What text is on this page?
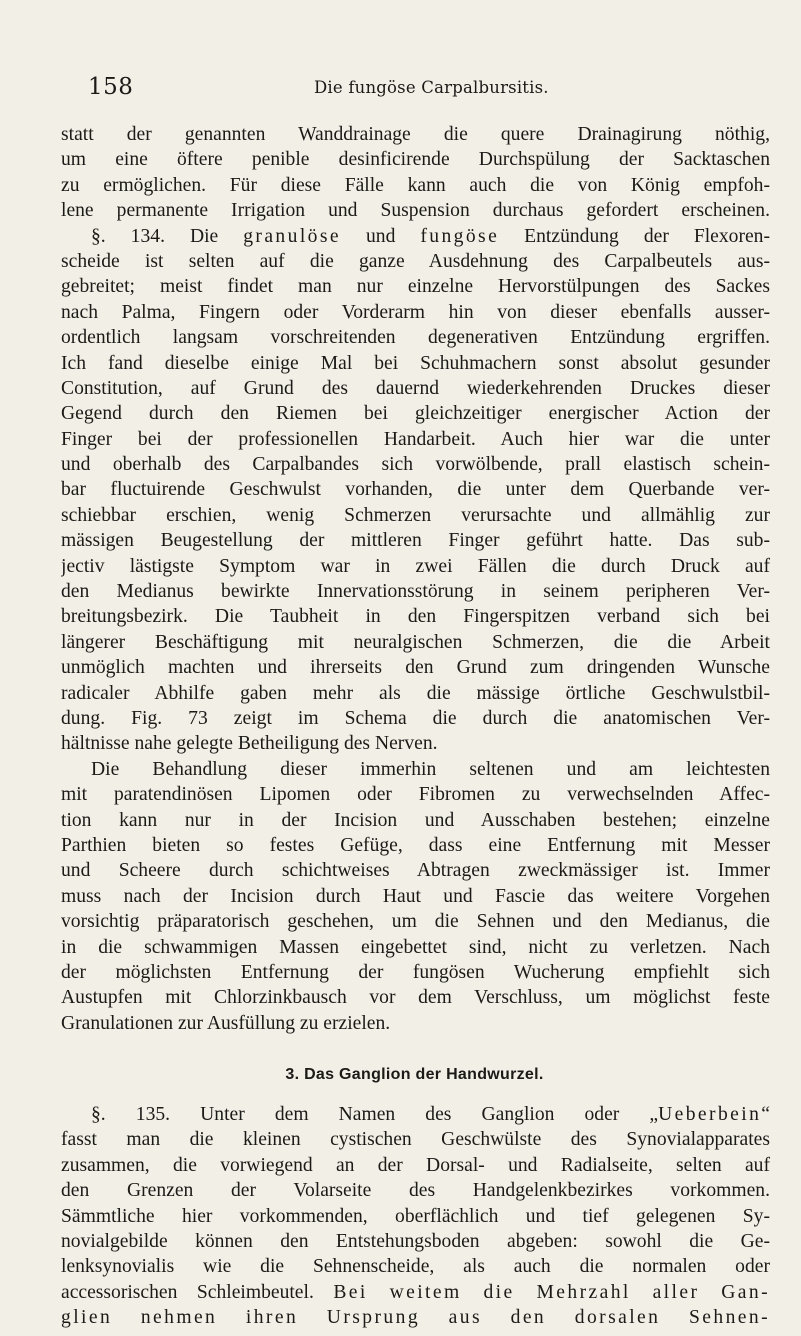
158	Die fungöse Carpalbursitis.
statt der genannten Wanddrainage die quere Drainagirung nöthig,
um eine öftere penible desinficirende Durchspülung der Sacktaschen
zu ermöglichen. Für diese Fälle kann auch die von König empfoh-
lene permanente Irrigation und Suspension durchaus gefordert erscheinen.
§. 134. Die granulöse und fungöse Entzündung der Flexoren-
scheide ist selten auf die ganze Ausdehnung des Carpalbeutels aus-
gebreitet; meist findet man nur einzelne Hervorstülpungen des Sackes
nach Palma, Fingern oder Vorderarm hin von dieser ebenfalls ausser-
ordentlich langsam vorschreitenden degenerativen Entzündung ergriffen.
Ich fand dieselbe einige Mal bei Schuhmachern sonst absolut gesunder
Constitution, auf Grund des dauernd wiederkehrenden Druckes dieser
Gegend durch den Riemen bei gleichzeitiger energischer Action der
Finger bei der professionellen Handarbeit. Auch hier war die unter
und oberhalb des Carpalbandes sich vorwölbende, prall elastisch schein-
bar fluctuirende Geschwulst vorhanden, die unter dem Querbande ver-
schiebbar erschien, wenig Schmerzen verursachte und allmählig zur
mässigen Beugestellung der mittleren Finger geführt hatte. Das sub-
jectiv lästigste Symptom war in zwei Fällen die durch Druck auf
den Medianus bewirkte Innervationsstörung in seinem peripheren Ver-
breitungsbezirk. Die Taubheit in den Fingerspitzen verband sich bei
längerer Beschäftigung mit neuralgischen Schmerzen, die die Arbeit
unmöglich machten und ihrerseits den Grund zum dringenden Wunsche
radicaler Abhilfe gaben mehr als die mässige örtliche Geschwulstbil-
dung. Fig. 73 zeigt im Schema die durch die anatomischen Ver-
hältnisse nahe gelegte Betheiligung des Nerven.
Die Behandlung dieser immerhin seltenen und am leichtesten
mit paratendinösen Lipomen oder Fibromen zu verwechselnden Affec-
tion kann nur in der Incision und Ausschaben bestehen; einzelne
Parthien bieten so festes Gefüge, dass eine Entfernung mit Messer
und Scheere durch schichtweises Abtragen zweckmässiger ist. Immer
muss nach der Incision durch Haut und Fascie das weitere Vorgehen
vorsichtig präparatorisch geschehen, um die Sehnen und den Medianus, die
in die schwammigen Massen eingebettet sind, nicht zu verletzen. Nach
der möglichsten Entfernung der fungösen Wucherung empfiehlt sich
Austupfen mit Chlorzinkbausch vor dem Verschluss, um möglichst feste
Granulationen zur Ausfüllung zu erzielen.
3. Das Ganglion der Handwurzel.
§. 135. Unter dem Namen des Ganglion oder „Ueberbein“
fasst man die kleinen cystischen Geschwülste des Synovialapparates
zusammen, die vorwiegend an der Dorsal- und Radialseite, selten auf
den Grenzen der Volarseite des Handgelenkbezirkes vorkommen.
Sämmtliche hier vorkommenden, oberflächlich und tief gelegenen Sy-
novialgebilde können den Entstehungsboden abgeben: sowohl die Ge-
lenksynovialis wie die Sehnenscheide, als auch die normalen oder
accessorischen Schleimbeutel. Bei weitem die Mehrzahl aller Gan-
glien nehmen ihren Ursprung aus den dorsalen Sehnen-
